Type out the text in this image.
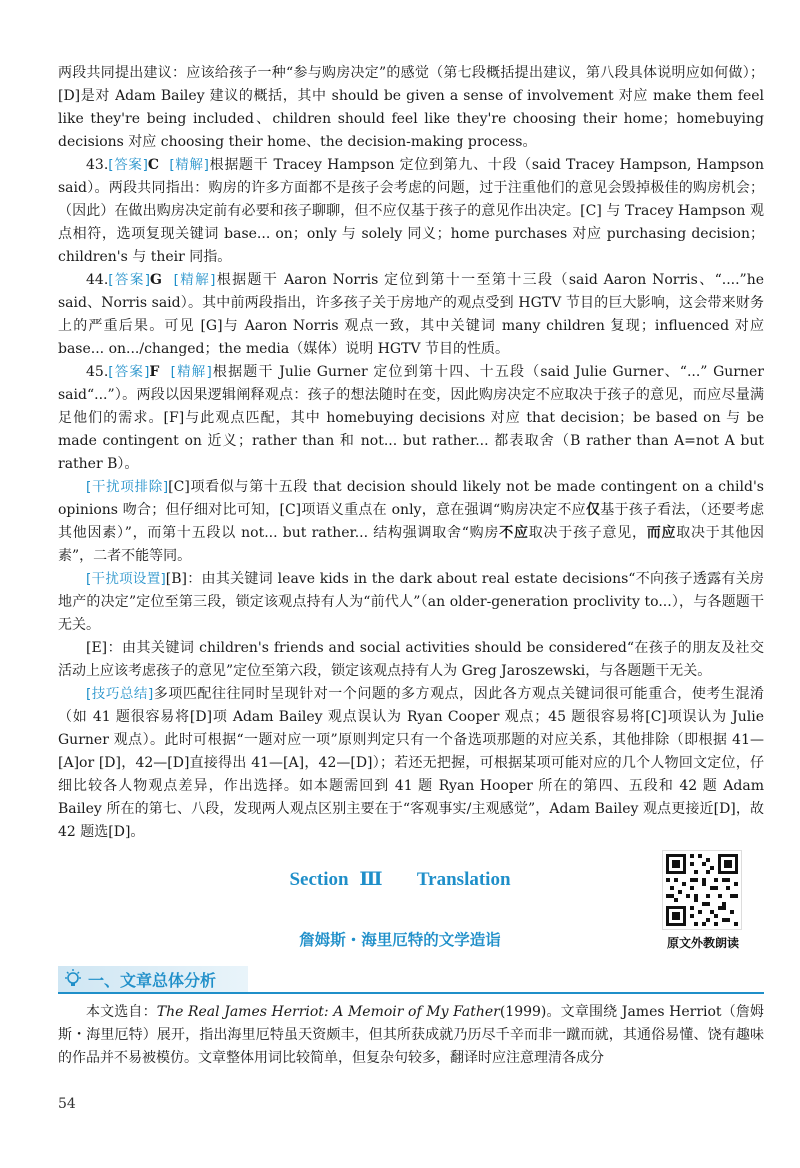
两段共同提出建议：应该给孩子一种“参与购房决定”的感觉（第七段概括提出建议，第八段具体说明应如何做）；[D]是对 Adam Bailey 建议的概括，其中 should be given a sense of involvement 对应 make them feel like they're being included、children should feel like they're choosing their home；homebuying decisions 对应 choosing their home、the decision-making process。

43.[答案]C [精解]根据题干 Tracey Hampson 定位到第九、十段（said Tracey Hampson, Hampson said）。两段共同指出：购房的许多方面都不是孩子会考虑的问题，过于注重他们的意见会毁掉极佳的购房机会；（因此）在做出购房决定前有必要和孩子聊聊，但不应仅基于孩子的意见作出决定。[C] 与 Tracey Hampson 观点相符，选项复现关键词 base... on；only 与 solely 同义；home purchases 对应 purchasing decision；children's 与 their 同指。

44.[答案]G [精解]根据题干 Aaron Norris 定位到第十一至第十三段（said Aaron Norris、“....”he said、Norris said）。其中前两段指出，许多孩子关于房地产的观点受到 HGTV 节目的巨大影响，这会带来财务上的严重后果。可见 [G]与 Aaron Norris 观点一致，其中关键词 many children 复现；influenced 对应 base... on.../changed；the media（媒体）说明 HGTV 节目的性质。

45.[答案]F [精解]根据题干 Julie Gurner 定位到第十四、十五段（said Julie Gurner、“...” Gurner said“...”）。两段以因果逻辑阐释观点：孩子的想法随时在变，因此购房决定不应取决于孩子的意见，而应尽量满足他们的需求。[F]与此观点匹配，其中 homebuying decisions 对应 that decision；be based on 与 be made contingent on 近义；rather than 和 not... but rather... 都表取舍（B rather than A=not A but rather B）。

[干扰项排除][C]项看似与第十五段 that decision should likely not be made contingent on a child's opinions 吻合；但仔细对比可知，[C]项语义重点在 only，意在强调“购房决定不应仅基于孩子看法，（还要考虑其他因素）”，而第十五段以 not... but rather... 结构强调取舍“购房不应取决于孩子意见，而应取决于其他因素”，二者不能等同。

[干扰项设置][B]：由其关键词 leave kids in the dark about real estate decisions“不向孩子透露有关房地产的决定”定位至第三段，锁定该观点持有人为“前代人”（an older-generation proclivity to...），与各题题干无关。

[E]：由其关键词 children's friends and social activities should be considered“在孩子的朋友及社交活动上应该考虑孩子的意见”定位至第六段，锁定该观点持有人为 Greg Jaroszewski，与各题题干无关。

[技巧总结]多项匹配往往同时呈现针对一个问题的多方观点，因此各方观点关键词很可能重合，使考生混淆（如 41 题很容易将[D]项 Adam Bailey 观点误认为 Ryan Cooper 观点；45 题很容易将[C]项误认为 Julie Gurner 观点）。此时可根据“一题对应一项”原则判定只有一个备选项那题的对应关系，其他排除（即根据 41—[A]or [D]，42—[D]直接得出 41—[A]，42—[D]）；若还无把握，可根据某项可能对应的几个人物回文定位，仔细比较各人物观点差异，作出选择。如本题需回到 41 题 Ryan Hooper 所在的第四、五段和 42 题 Adam Bailey 所在的第七、八段，发现两人观点区别主要在于“客观事实/主观感觉”，Adam Bailey 观点更接近[D]，故 42 题选[D]。

Section Ⅲ Translation
詹姆斯・海里厄特的文学造诣	原文外教朗读
一、文章总体分析

本文选自：The Real James Herriot: A Memoir of My Father(1999)。文章围绕 James Herriot（詹姆斯・海里厄特）展开，指出海里厄特虽天资颇丰，但其所获成就乃历尽千辛而非一蹴而就，其通俗易懂、饶有趣味的作品并不易被模仿。文章整体用词比较简单，但复杂句较多，翻译时应注意理清各成分

54
